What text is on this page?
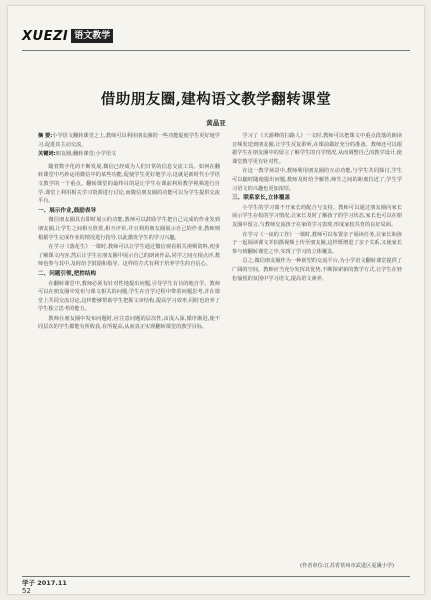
XUEZI 语文教学
借助朋友圈,建构语文教学翻转课堂
黄晶亚

摘 要:小学语文翻转课堂之上,教师可以利用朋友圈的一些功能促使学生更好地学习,促进其主动交流。

关键词:朋友圈;翻转课堂;小学语文

随着数字化的不断发展,微信已经成为人们日常的信息交流工具。如何在翻转课堂中巧妙运用微信中的某些功能,促使学生更好地学习,这就是新时代小学语文教学的一个重点。翻转课堂的最终目的是让学生在课前利用教学视频进行自学,课堂上利用相关学习资源进行讨论,而微信朋友圈的功能可以为学生提供交流平台。

一、展示作业,鼓励表导

微信朋友圈具有即时展示的功能,教师可以鼓励学生把自己完成的作业发到朋友圈,让学生之间相互欣赏,相互评价,并且利用朋友圈展示自己的作业,教师则根据学生完成作业的情况进行指导,以此激发学生的学习兴趣。

在学习《落花生》一课时,教师可以让学生通过微信观看相关视频资料,初步了解课文内容,然后让学生在朋友圈中展示自己的朗读作品,同学之间互相点评,教师也参与其中,及时给予鼓励和指导。这样的方式有利于培养学生的自信心。

二、问题引领,把控结构

在翻转课堂中,教师必须有针对性地提出问题,引导学生有目的地自学。教师可以在朋友圈中发布与课文相关的问题,学生在自学过程中带着问题思考,并在课堂上共同交流讨论,这样能够帮助学生把握文章结构,提高学习效率,同时也培养了学生独立思考的能力。

教师在朋友圈中发布问题时,应注意问题的层次性,由浅入深,循序渐进,使不同层次的学生都能有所收获,有所提高,从而真正实现翻转课堂的教学目标。

学习了《天游峰的扫路人》一文时,教师可以把课文中重点段落的朗读音频发送到朋友圈,让学生反复聆听,在课前做好充分的准备。教师还可以根据学生在朋友圈中的留言了解学生的自学情况,从而调整自己的教学设计,使课堂教学更有针对性。

在这一教学场景中,教师利用朋友圈的互动功能,与学生共同探讨,学生可以随时随地提出问题,教师及时给予解答,师生之间的距离拉近了,学生学习语文的兴趣也更加浓厚。

三、联系家长,立体覆盖

小学生的学习离不开家长的配合与支持。教师可以通过朋友圈向家长展示学生在校的学习情况,让家长及时了解孩子的学习状态,家长也可以在朋友圈中留言,与教师交流孩子在家的学习表现,形成家校共育的良好局面。

在学习《一夜的工作》一课时,教师可以布置亲子阅读任务,让家长和孩子一起阅读课文并拍摄视频上传至朋友圈,这样既增进了亲子关系,又使家长参与到翻转课堂之中,实现了学习的立体覆盖。

总之,微信朋友圈作为一种新型的交流平台,为小学语文翻转课堂提供了广阔的空间。教师应当充分发挥其优势,不断探索新的教学方式,让学生在轻松愉悦的氛围中学习语文,提高语文素养。

(作者单位:江苏省常州市武进区夏溪小学)
学子 2017.11
52
